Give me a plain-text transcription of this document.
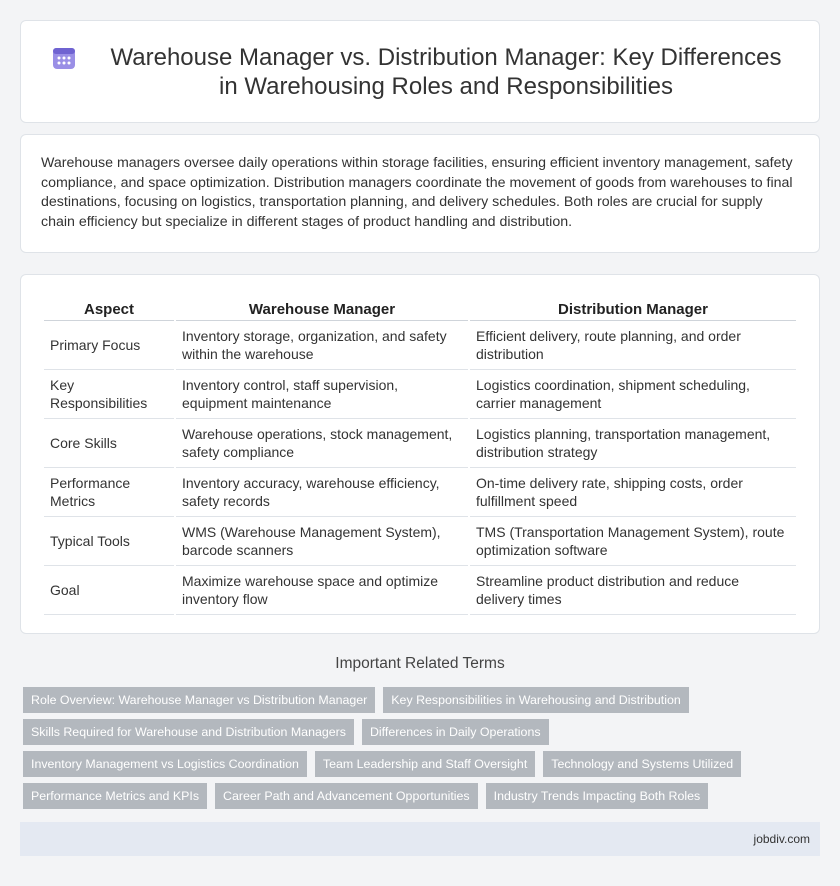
Warehouse Manager vs. Distribution Manager: Key Differences in Warehousing Roles and Responsibilities

Warehouse managers oversee daily operations within storage facilities, ensuring efficient inventory management, safety compliance, and space optimization. Distribution managers coordinate the movement of goods from warehouses to final destinations, focusing on logistics, transportation planning, and delivery schedules. Both roles are crucial for supply chain efficiency but specialize in different stages of product handling and distribution.

Aspect	Warehouse Manager	Distribution Manager
Primary Focus	Inventory storage, organization, and safety within the warehouse	Efficient delivery, route planning, and order distribution
Key Responsibilities	Inventory control, staff supervision, equipment maintenance	Logistics coordination, shipment scheduling, carrier management
Core Skills	Warehouse operations, stock management, safety compliance	Logistics planning, transportation management, distribution strategy
Performance Metrics	Inventory accuracy, warehouse efficiency, safety records	On-time delivery rate, shipping costs, order fulfillment speed
Typical Tools	WMS (Warehouse Management System), barcode scanners	TMS (Transportation Management System), route optimization software
Goal	Maximize warehouse space and optimize inventory flow	Streamline product distribution and reduce delivery times
Important Related Terms
Role Overview: Warehouse Manager vs Distribution Manager	Key Responsibilities in Warehousing and Distribution
Skills Required for Warehouse and Distribution Managers	Differences in Daily Operations
Inventory Management vs Logistics Coordination	Team Leadership and Staff Oversight	Technology and Systems Utilized
Performance Metrics and KPIs	Career Path and Advancement Opportunities	Industry Trends Impacting Both Roles
jobdiv.com
